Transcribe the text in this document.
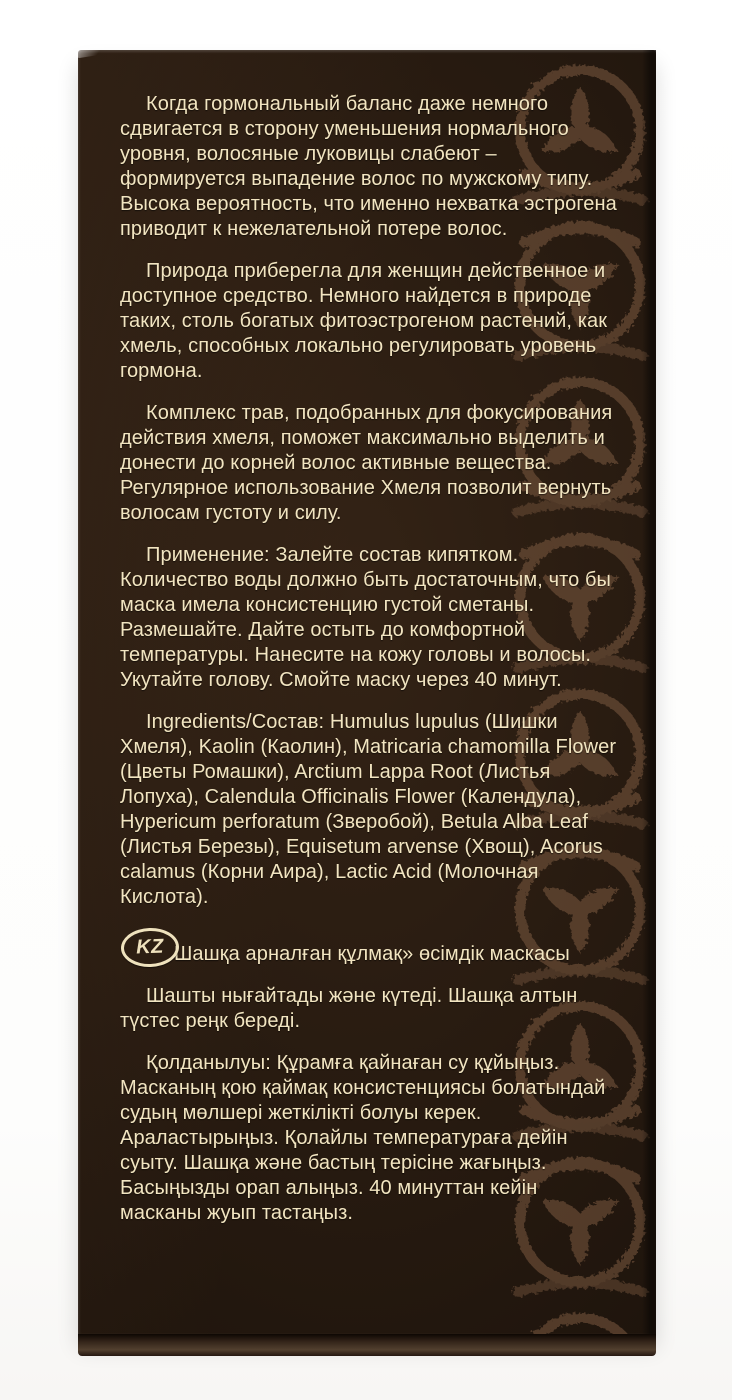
Когда гормональный баланс даже немного сдвигается в сторону уменьшения нормального уровня, волосяные луковицы слабеют – формируется выпадение волос по мужскому типу. Высока вероятность, что именно нехватка эстрогена приводит к нежелательной потере волос.

Природа приберегла для женщин действенное и доступное средство. Немного найдется в природе таких, столь богатых фитоэстрогеном растений, как хмель, способных локально регулировать уровень гормона.

Комплекс трав, подобранных для фокусирования действия хмеля, поможет максимально выделить и донести до корней волос активные вещества. Регулярное использование Хмеля позволит вернуть волосам густоту и силу.

Применение: Залейте состав кипятком. Количество воды должно быть достаточным, что бы маска имела консистенцию густой сметаны. Размешайте. Дайте остыть до комфортной температуры. Нанесите на кожу головы и волосы. Укутайте голову. Смойте маску через 40 минут.

Ingredients/Состав: Humulus lupulus (Шишки Хмеля), Kaolin (Каолин), Matricaria chamomilla Flower (Цветы Ромашки), Arctium Lappa Root (Листья Лопуха), Calendula Officinalis Flower (Календула), Hypericum perforatum (Зверобой), Betula Alba Leaf (Листья Березы), Equisetum arvense (Хвощ), Acorus calamus (Корни Аира), Lactic Acid (Молочная Кислота).

KZ Шашқа арналған құлмақ» өсімдік маскасы

Шашты нығайтады және күтеді. Шашқа алтын түстес реңк береді.

Қолданылуы: Құрамға қайнаған су құйыңыз. Масканың қою қаймақ консистенциясы болатындай судың мөлшері жеткілікті болуы керек. Араластырыңыз. Қолайлы температураға дейін суыту. Шашқа және бастың терісіне жағыңыз. Басыңызды орап алыңыз. 40 минуттан кейін масканы жуып тастаңыз.
